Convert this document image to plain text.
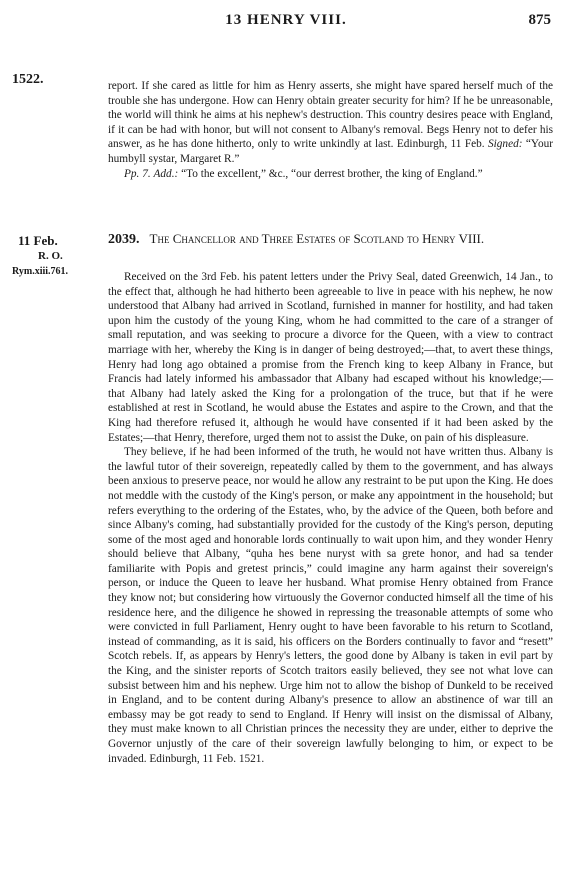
13 HENRY VIII.	875
1522.	report. If she cared as little for him as Henry asserts, she might have spared herself much of the trouble she has undergone. How can Henry obtain greater security for him? If he be unreasonable, the world will think he aims at his nephew's destruction. This country desires peace with England, if it can be had with honor, but will not consent to Albany's removal. Begs Henry not to defer his answer, as he has done hitherto, only to write unkindly at last. Edinburgh, 11 Feb. Signed: “Your humbyll systar, Margaret R.”

Pp. 7. Add.: “To the excellent,” &c., “our derrest brother, the king of England.”

11 Feb.
R. O.
Rym.xiii.761.
2039. The Chancellor and Three Estates of Scotland to Henry VIII.

Received on the 3rd Feb. his patent letters under the Privy Seal, dated Greenwich, 14 Jan., to the effect that, although he had hitherto been agreeable to live in peace with his nephew, he now understood that Albany had arrived in Scotland, furnished in manner for hostility, and had taken upon him the custody of the young King, whom he had committed to the care of a stranger of small reputation, and was seeking to procure a divorce for the Queen, with a view to contract marriage with her, whereby the King is in danger of being destroyed;—that, to avert these things, Henry had long ago obtained a promise from the French king to keep Albany in France, but Francis had lately informed his ambassador that Albany had escaped without his knowledge;—that Albany had lately asked the King for a prolongation of the truce, but that if he were established at rest in Scotland, he would abuse the Estates and aspire to the Crown, and that the King had therefore refused it, although he would have consented if it had been asked by the Estates;—that Henry, therefore, urged them not to assist the Duke, on pain of his displeasure.

They believe, if he had been informed of the truth, he would not have written thus. Albany is the lawful tutor of their sovereign, repeatedly called by them to the government, and has always been anxious to preserve peace, nor would he allow any restraint to be put upon the King. He does not meddle with the custody of the King's person, or make any appointment in the household; but refers everything to the ordering of the Estates, who, by the advice of the Queen, both before and since Albany's coming, had substantially provided for the custody of the King's person, deputing some of the most aged and honorable lords continually to wait upon him, and they wonder Henry should believe that Albany, “quha hes bene nuryst with sa grete honor, and had sa tender familiarite with Popis and gretest princis,” could imagine any harm against their sovereign's person, or induce the Queen to leave her husband. What promise Henry obtained from France they know not; but considering how virtuously the Governor conducted himself all the time of his residence here, and the diligence he showed in repressing the treasonable attempts of some who were convicted in full Parliament, Henry ought to have been favorable to his return to Scotland, instead of commanding, as it is said, his officers on the Borders continually to favor and “resett” Scotch rebels. If, as appears by Henry's letters, the good done by Albany is taken in evil part by the King, and the sinister reports of Scotch traitors easily believed, they see not what love can subsist between him and his nephew. Urge him not to allow the bishop of Dunkeld to be received in England, and to be content during Albany's presence to allow an abstinence of war till an embassy may be got ready to send to England. If Henry will insist on the dismissal of Albany, they must make known to all Christian princes the necessity they are under, either to deprive the Governor unjustly of the care of their sovereign lawfully belonging to him, or expect to be invaded. Edinburgh, 11 Feb. 1521.
